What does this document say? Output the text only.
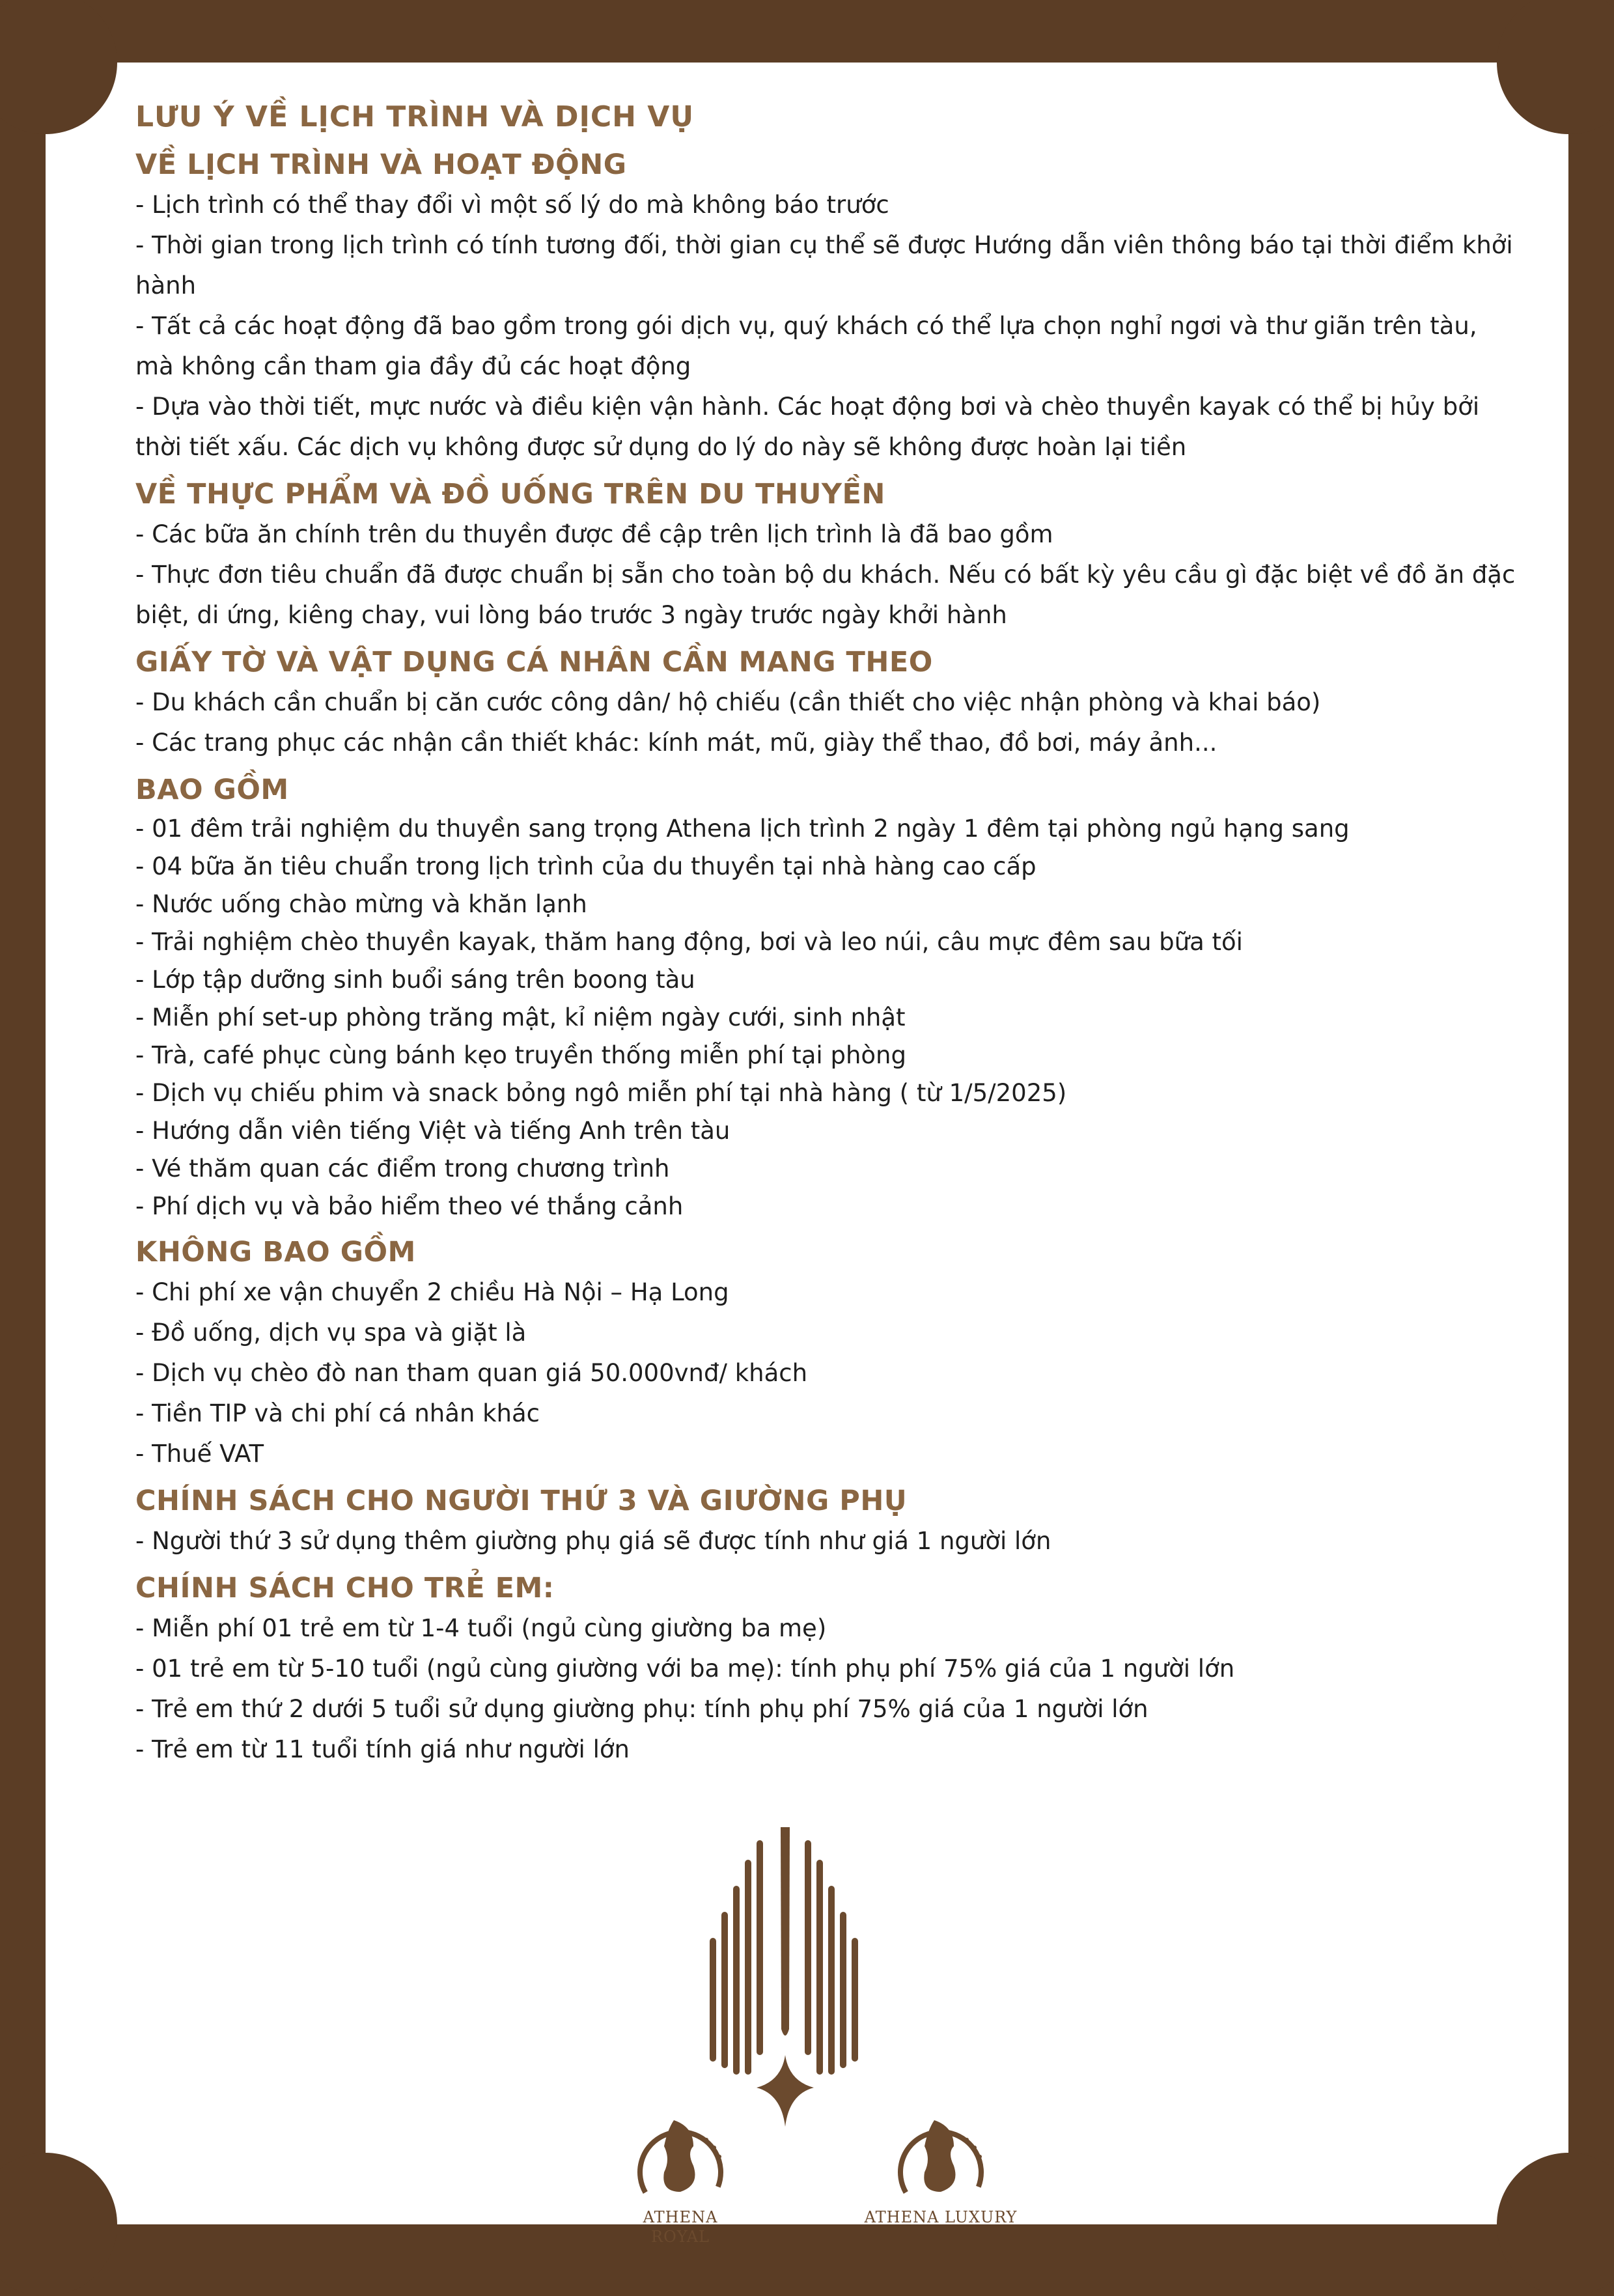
LƯU Ý VỀ LỊCH TRÌNH VÀ DỊCH VỤ
VỀ LỊCH TRÌNH VÀ HOẠT ĐỘNG
- Lịch trình có thể thay đổi vì một số lý do mà không báo trước
- Thời gian trong lịch trình có tính tương đối, thời gian cụ thể sẽ được Hướng dẫn viên thông báo tại thời điểm khởi hành
- Tất cả các hoạt động đã bao gồm trong gói dịch vụ, quý khách có thể lựa chọn nghỉ ngơi và thư giãn trên tàu, mà không cần tham gia đầy đủ các hoạt động
- Dựa vào thời tiết, mực nước và điều kiện vận hành. Các hoạt động bơi và chèo thuyền kayak có thể bị hủy bởi thời tiết xấu. Các dịch vụ không được sử dụng do lý do này sẽ không được hoàn lại tiền
VỀ THỰC PHẨM VÀ ĐỒ UỐNG TRÊN DU THUYỀN
- Các bữa ăn chính trên du thuyền được đề cập trên lịch trình là đã bao gồm
- Thực đơn tiêu chuẩn đã được chuẩn bị sẵn cho toàn bộ du khách. Nếu có bất kỳ yêu cầu gì đặc biệt về đồ ăn đặc biệt, di ứng, kiêng chay, vui lòng báo trước 3 ngày trước ngày khởi hành
GIẤY TỜ VÀ VẬT DỤNG CÁ NHÂN CẦN MANG THEO
- Du khách cần chuẩn bị căn cước công dân/ hộ chiếu (cần thiết cho việc nhận phòng và khai báo)
- Các trang phục các nhận cần thiết khác: kính mát, mũ, giày thể thao, đồ bơi, máy ảnh...
BAO GỒM
- 01 đêm trải nghiệm du thuyền sang trọng Athena lịch trình 2 ngày 1 đêm tại phòng ngủ hạng sang
- 04 bữa ăn tiêu chuẩn trong lịch trình của du thuyền tại nhà hàng cao cấp
- Nước uống chào mừng và khăn lạnh
- Trải nghiệm chèo thuyền kayak, thăm hang động, bơi và leo núi, câu mực đêm sau bữa tối
- Lớp tập dưỡng sinh buổi sáng trên boong tàu
- Miễn phí set-up phòng trăng mật, kỉ niệm ngày cưới, sinh nhật
- Trà, café phục cùng bánh kẹo truyền thống miễn phí tại phòng
- Dịch vụ chiếu phim và snack bỏng ngô miễn phí tại nhà hàng ( từ 1/5/2025)
- Hướng dẫn viên tiếng Việt và tiếng Anh trên tàu
- Vé thăm quan các điểm trong chương trình
- Phí dịch vụ và bảo hiểm theo vé thắng cảnh
KHÔNG BAO GỒM
- Chi phí xe vận chuyển 2 chiều Hà Nội – Hạ Long
- Đồ uống, dịch vụ spa và giặt là
- Dịch vụ chèo đò nan tham quan giá 50.000vnđ/ khách
- Tiền TIP và chi phí cá nhân khác
- Thuế VAT
CHÍNH SÁCH CHO NGƯỜI THỨ 3 VÀ GIƯỜNG PHỤ
- Người thứ 3 sử dụng thêm giường phụ giá sẽ được tính như giá 1 người lớn
CHÍNH SÁCH CHO TRẺ EM:
- Miễn phí 01 trẻ em từ 1-4 tuổi (ngủ cùng giường ba mẹ)
- 01 trẻ em từ 5-10 tuổi (ngủ cùng giường với ba mẹ): tính phụ phí 75% giá của 1 người lớn
- Trẻ em thứ 2 dưới 5 tuổi sử dụng giường phụ: tính phụ phí 75% giá của 1 người lớn
- Trẻ em từ 11 tuổi tính giá như người lớn
ATHENA ROYAL
ATHENA LUXURY
